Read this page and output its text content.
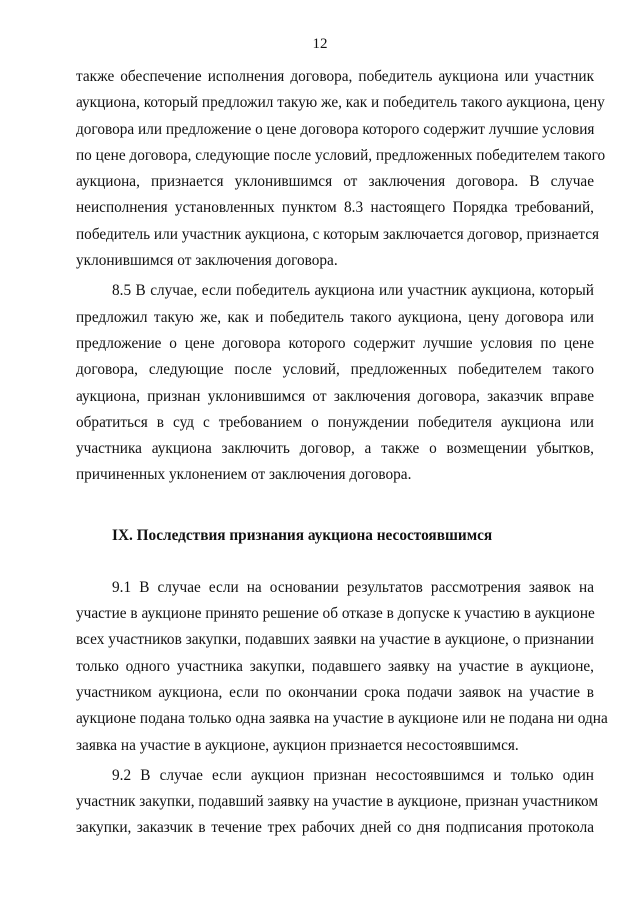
12

также обеспечение исполнения договора, победитель аукциона или участник
аукциона, который предложил такую же, как и победитель такого аукциона, цену
договора или предложение о цене договора которого содержит лучшие условия
по цене договора, следующие после условий, предложенных победителем такого
аукциона, признается уклонившимся от заключения договора. В случае
неисполнения установленных пунктом 8.3 настоящего Порядка требований,
победитель или участник аукциона, с которым заключается договор, признается
уклонившимся от заключения договора.

8.5 В случае, если победитель аукциона или участник аукциона, который
предложил такую же, как и победитель такого аукциона, цену договора или
предложение о цене договора которого содержит лучшие условия по цене
договора, следующие после условий, предложенных победителем такого
аукциона, признан уклонившимся от заключения договора, заказчик вправе
обратиться в суд с требованием о понуждении победителя аукциона или
участника аукциона заключить договор, а также о возмещении убытков,
причиненных уклонением от заключения договора.

IX. Последствия признания аукциона несостоявшимся

9.1 В случае если на основании результатов рассмотрения заявок на
участие в аукционе принято решение об отказе в допуске к участию в аукционе
всех участников закупки, подавших заявки на участие в аукционе, о признании
только одного участника закупки, подавшего заявку на участие в аукционе,
участником аукциона, если по окончании срока подачи заявок на участие в
аукционе подана только одна заявка на участие в аукционе или не подана ни одна
заявка на участие в аукционе, аукцион признается несостоявшимся.

9.2 В случае если аукцион признан несостоявшимся и только один
участник закупки, подавший заявку на участие в аукционе, признан участником
закупки, заказчик в течение трех рабочих дней со дня подписания протокола
